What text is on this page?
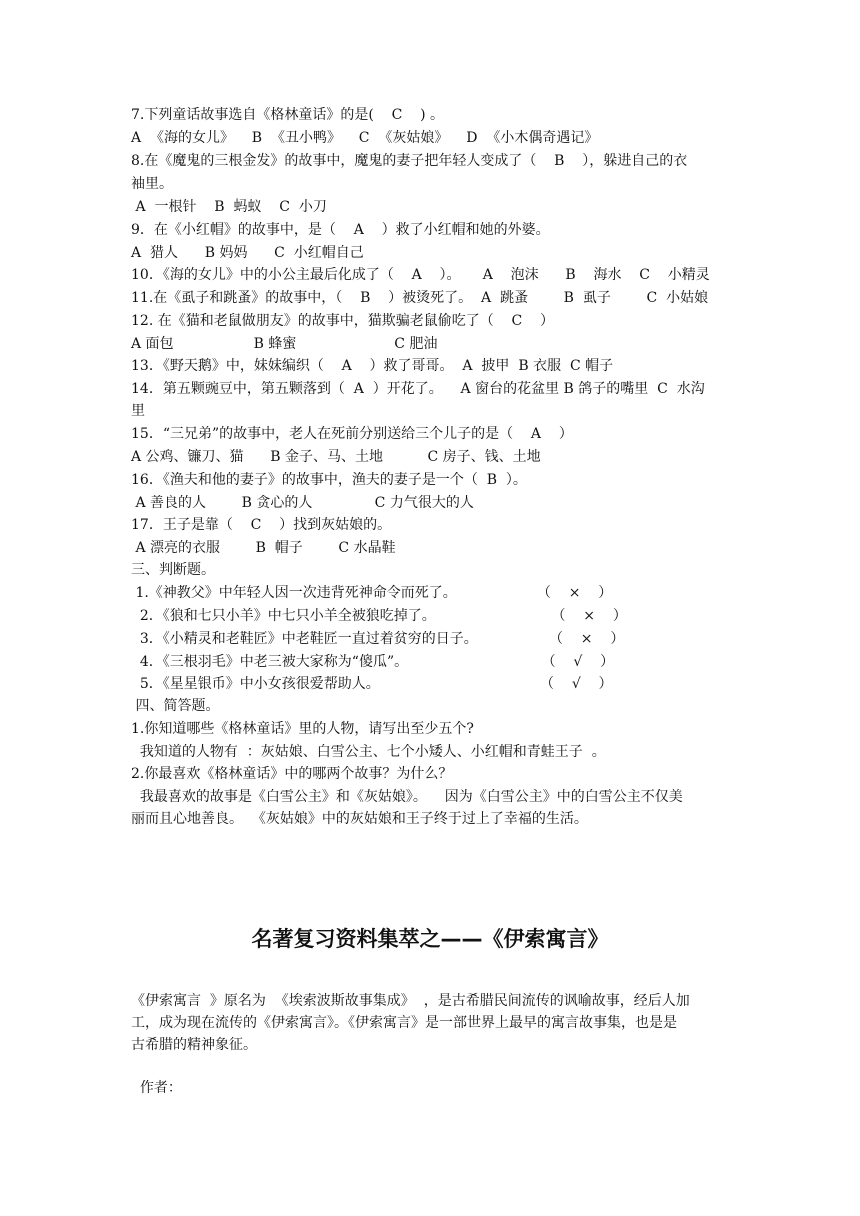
7.下列童话故事选自《格林童话》的是(    C    ) 。
A  《海的女儿》    B  《丑小鸭》    C  《灰姑娘》    D  《小木偶奇遇记》
8.在《魔鬼的三根金发》的故事中，魔鬼的妻子把年轻人变成了（    B    ），躲进自己的衣
袖里。
A  一根针    B  蚂蚁    C  小刀
9．在《小红帽》的故事中，是（    A    ）救了小红帽和她的外婆。
A  猎人      B 妈妈      C  小红帽自己
10．《海的女儿》中的小公主最后化成了（    A    ）。     A    泡沫      B    海水    C    小精灵
11.在《虱子和跳蚤》的故事中，（    B    ）被烫死了。  A  跳蚤        B  虱子        C  小姑娘
12. 在《猫和老鼠做朋友》的故事中，猫欺骗老鼠偷吃了（    C    ）
A 面包                  B 蜂蜜                      C 肥油
13．《野天鹅》中，妹妹编织（    A    ）救了哥哥。  A  披甲  B 衣服  C 帽子
14．第五颗豌豆中，第五颗落到（  A  ）开花了。    A 窗台的花盆里 B 鸽子的嘴里  C  水沟
里
15．“三兄弟”的故事中，老人在死前分别送给三个儿子的是（    A    ）
A 公鸡、镰刀、猫      B 金子、马、土地          C 房子、钱、土地
16．《渔夫和他的妻子》的故事中，渔夫的妻子是一个（  B  ）。
A 善良的人        B 贪心的人              C 力气很大的人
17．王子是靠（    C    ）找到灰姑娘的。
A 漂亮的衣服        B  帽子        C 水晶鞋
三、判断题。
1.《神教父》中年轻人因一次违背死神命令而死了。                  （    ×    ）
2．《狼和七只小羊》中七只小羊全被狼吃掉了。                          （    ×    ）
3．《小精灵和老鞋匠》中老鞋匠一直过着贫穷的日子。                （    ×    ）
4．《三根羽毛》中老三被大家称为“傻瓜”。                              （    √    ）
5．《星星银币》中小女孩很爱帮助人。                                    （    √    ）
四、简答题。
1.你知道哪些《格林童话》里的人物，请写出至少五个?
我知道的人物有  ：灰姑娘、白雪公主、七个小矮人、小红帽和青蛙王子  。
2.你最喜欢《格林童话》中的哪两个故事？为什么？
我最喜欢的故事是《白雪公主》和《灰姑娘》。    因为《白雪公主》中的白雪公主不仅美
丽而且心地善良。  《灰姑娘》中的灰姑娘和王子终于过上了幸福的生活。
名著复习资料集萃之——《伊索寓言》
《伊索寓言  》原名为  《埃索波斯故事集成》  ，是古希腊民间流传的讽喻故事，经后人加
工，成为现在流传的《伊索寓言》。《伊索寓言》是一部世界上最早的寓言故事集，也是是
古希腊的精神象征。
作者：
